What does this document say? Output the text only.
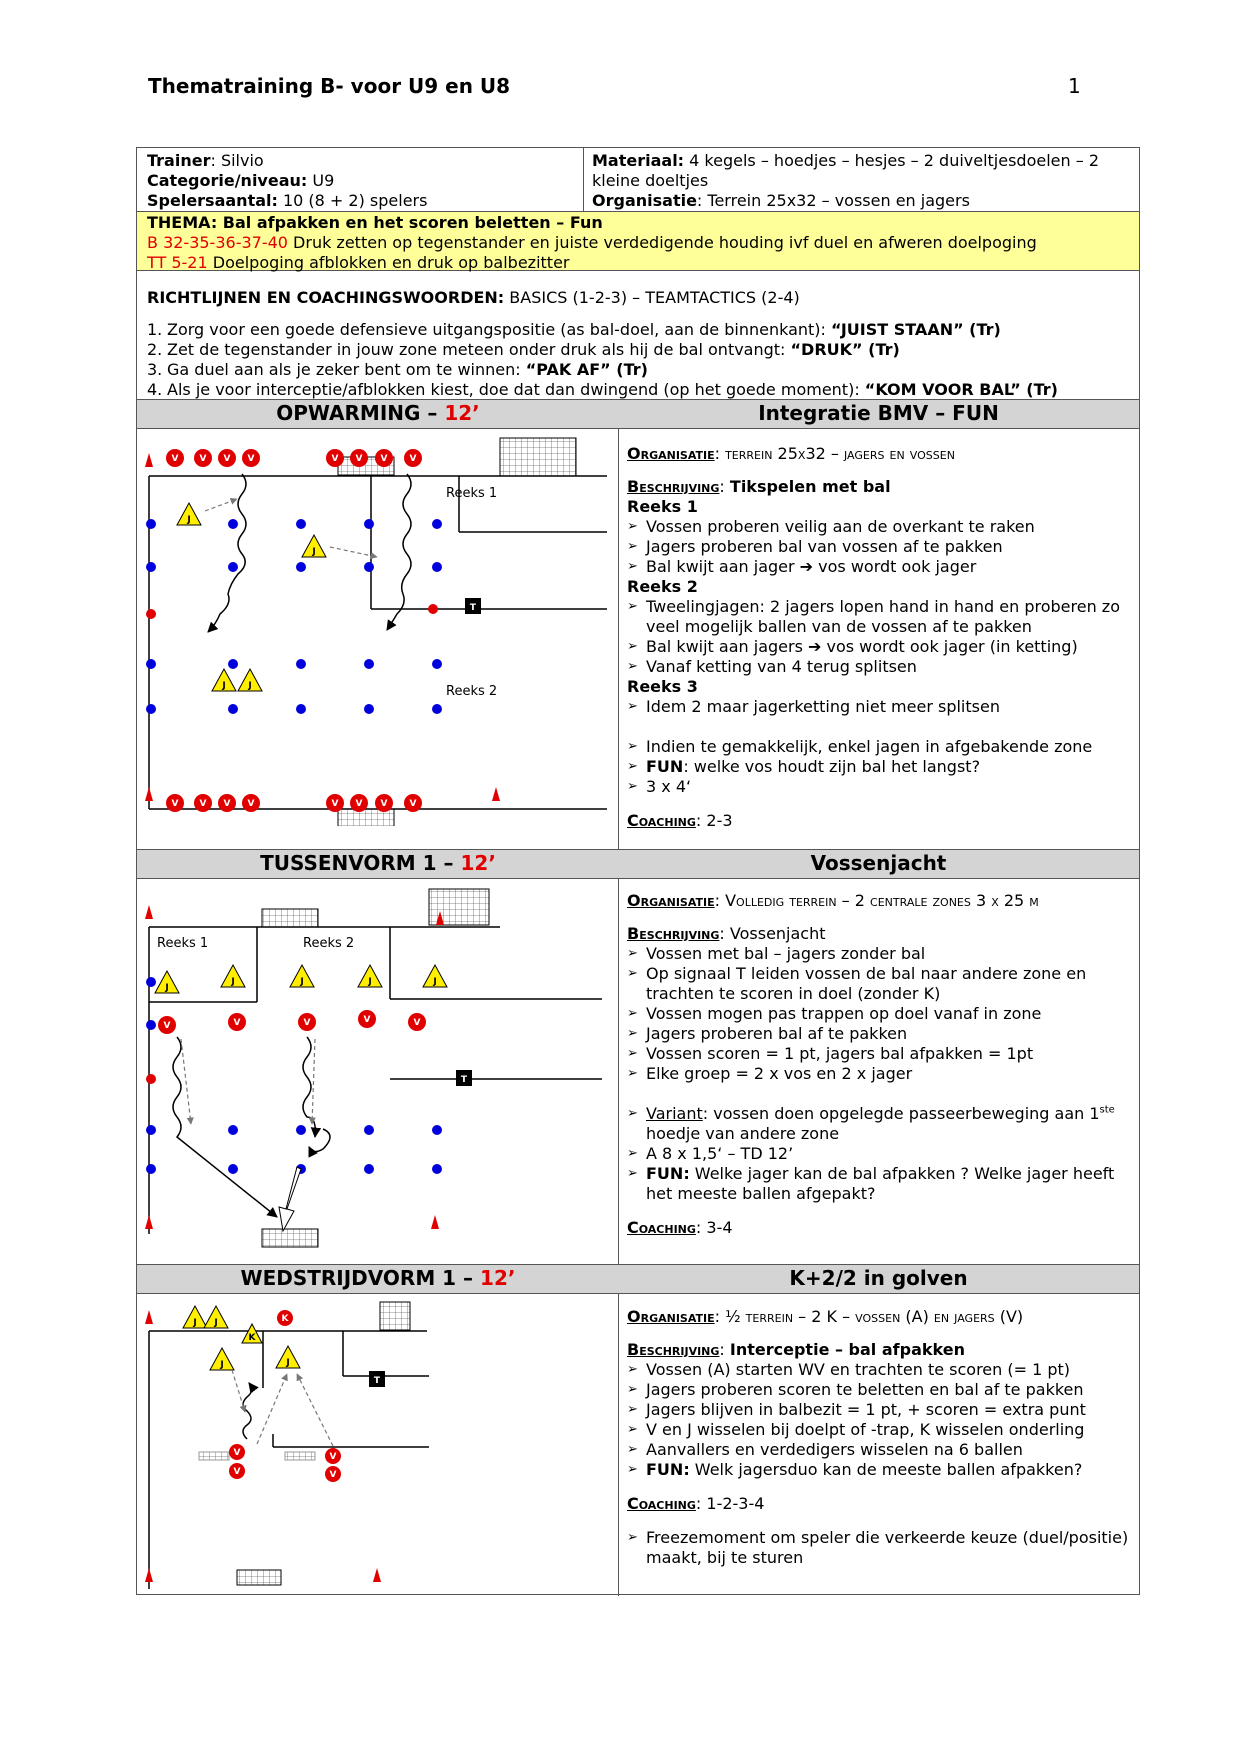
Thematraining B- voor U9 en U8	1
Trainer: Silvio
Categorie/niveau: U9
Spelersaantal: 10 (8 + 2) spelers
Materiaal: 4 kegels – hoedjes – hesjes – 2 duiveltjesdoelen – 2 kleine doeltjes
Organisatie: Terrein 25x32 – vossen en jagers
THEMA: Bal afpakken en het scoren beletten – Fun
B 32-35-36-37-40 Druk zetten op tegenstander en juiste verdedigende houding ivf duel en afweren doelpoging
TT 5-21 Doelpoging afblokken en druk op balbezitter
RICHTLIJNEN EN COACHINGSWOORDEN: BASICS (1-2-3) – TEAMTACTICS (2-4)
1. Zorg voor een goede defensieve uitgangspositie (as bal-doel, aan de binnenkant): “JUIST STAAN” (Tr)
2. Zet de tegenstander in jouw zone meteen onder druk als hij de bal ontvangt: “DRUK” (Tr)
3. Ga duel aan als je zeker bent om te winnen: “PAK AF” (Tr)
4. Als je voor interceptie/afblokken kiest, doe dat dan dwingend (op het goede moment): “KOM VOOR BAL” (Tr)
OPWARMING – 12’	Integratie BMV – FUN
V V V V	V V V V
V V V V	V V V V
J
J
J	J
T
Reeks 1
Reeks 2
Organisatie: terrein 25x32 – jagers en vossen
Beschrijving: Tikspelen met bal
Reeks 1
➢ Vossen proberen veilig aan de overkant te raken
➢ Jagers proberen bal van vossen af te pakken
➢ Bal kwijt aan jager ➔ vos wordt ook jager
Reeks 2
➢ Tweelingjagen: 2 jagers lopen hand in hand en proberen zo veel mogelijk ballen van de vossen af te pakken
➢ Bal kwijt aan jagers ➔ vos wordt ook jager (in ketting)
➢ Vanaf ketting van 4 terug splitsen
Reeks 3
➢ Idem 2 maar jagerketting niet meer splitsen
➢ Indien te gemakkelijk, enkel jagen in afgebakende zone
➢ FUN: welke vos houdt zijn bal het langst?
➢ 3 x 4‘
Coaching: 2-3
TUSSENVORM 1 – 12’	Vossenjacht
J
J	J	J	J
V	V	V	V	V
T
Reeks 1	Reeks 2
Organisatie: Volledig terrein – 2 centrale zones 3 x 25 m
Beschrijving: Vossenjacht
➢ Vossen met bal – jagers zonder bal
➢ Op signaal T leiden vossen de bal naar andere zone en trachten te scoren in doel (zonder K)
➢ Vossen mogen pas trappen op doel vanaf in zone
➢ Jagers proberen bal af te pakken
➢ Vossen scoren = 1 pt, jagers bal afpakken = 1pt
➢ Elke groep = 2 x vos en 2 x jager
➢ Variant: vossen doen opgelegde passeerbeweging aan 1ste hoedje van andere zone
➢ A 8 x 1,5‘ – TD 12’
➢ FUN: Welke jager kan de bal afpakken ? Welke jager heeft het meeste ballen afgepakt?
Coaching: 3-4
WEDSTRIJDVORM 1 – 12’	K+2/2 in golven
J J
K
J	J
K
V
V
V
V
T
Organisatie: ½ terrein – 2 K – vossen (A) en jagers (V)
Beschrijving: Interceptie – bal afpakken
➢ Vossen (A) starten WV en trachten te scoren (= 1 pt)
➢ Jagers proberen scoren te beletten en bal af te pakken
➢ Jagers blijven in balbezit = 1 pt, + scoren = extra punt
➢ V en J wisselen bij doelpt of -trap, K wisselen onderling
➢ Aanvallers en verdedigers wisselen na 6 ballen
➢ FUN: Welk jagersduo kan de meeste ballen afpakken?
Coaching: 1-2-3-4
➢ Freezemoment om speler die verkeerde keuze (duel/positie) maakt, bij te sturen
